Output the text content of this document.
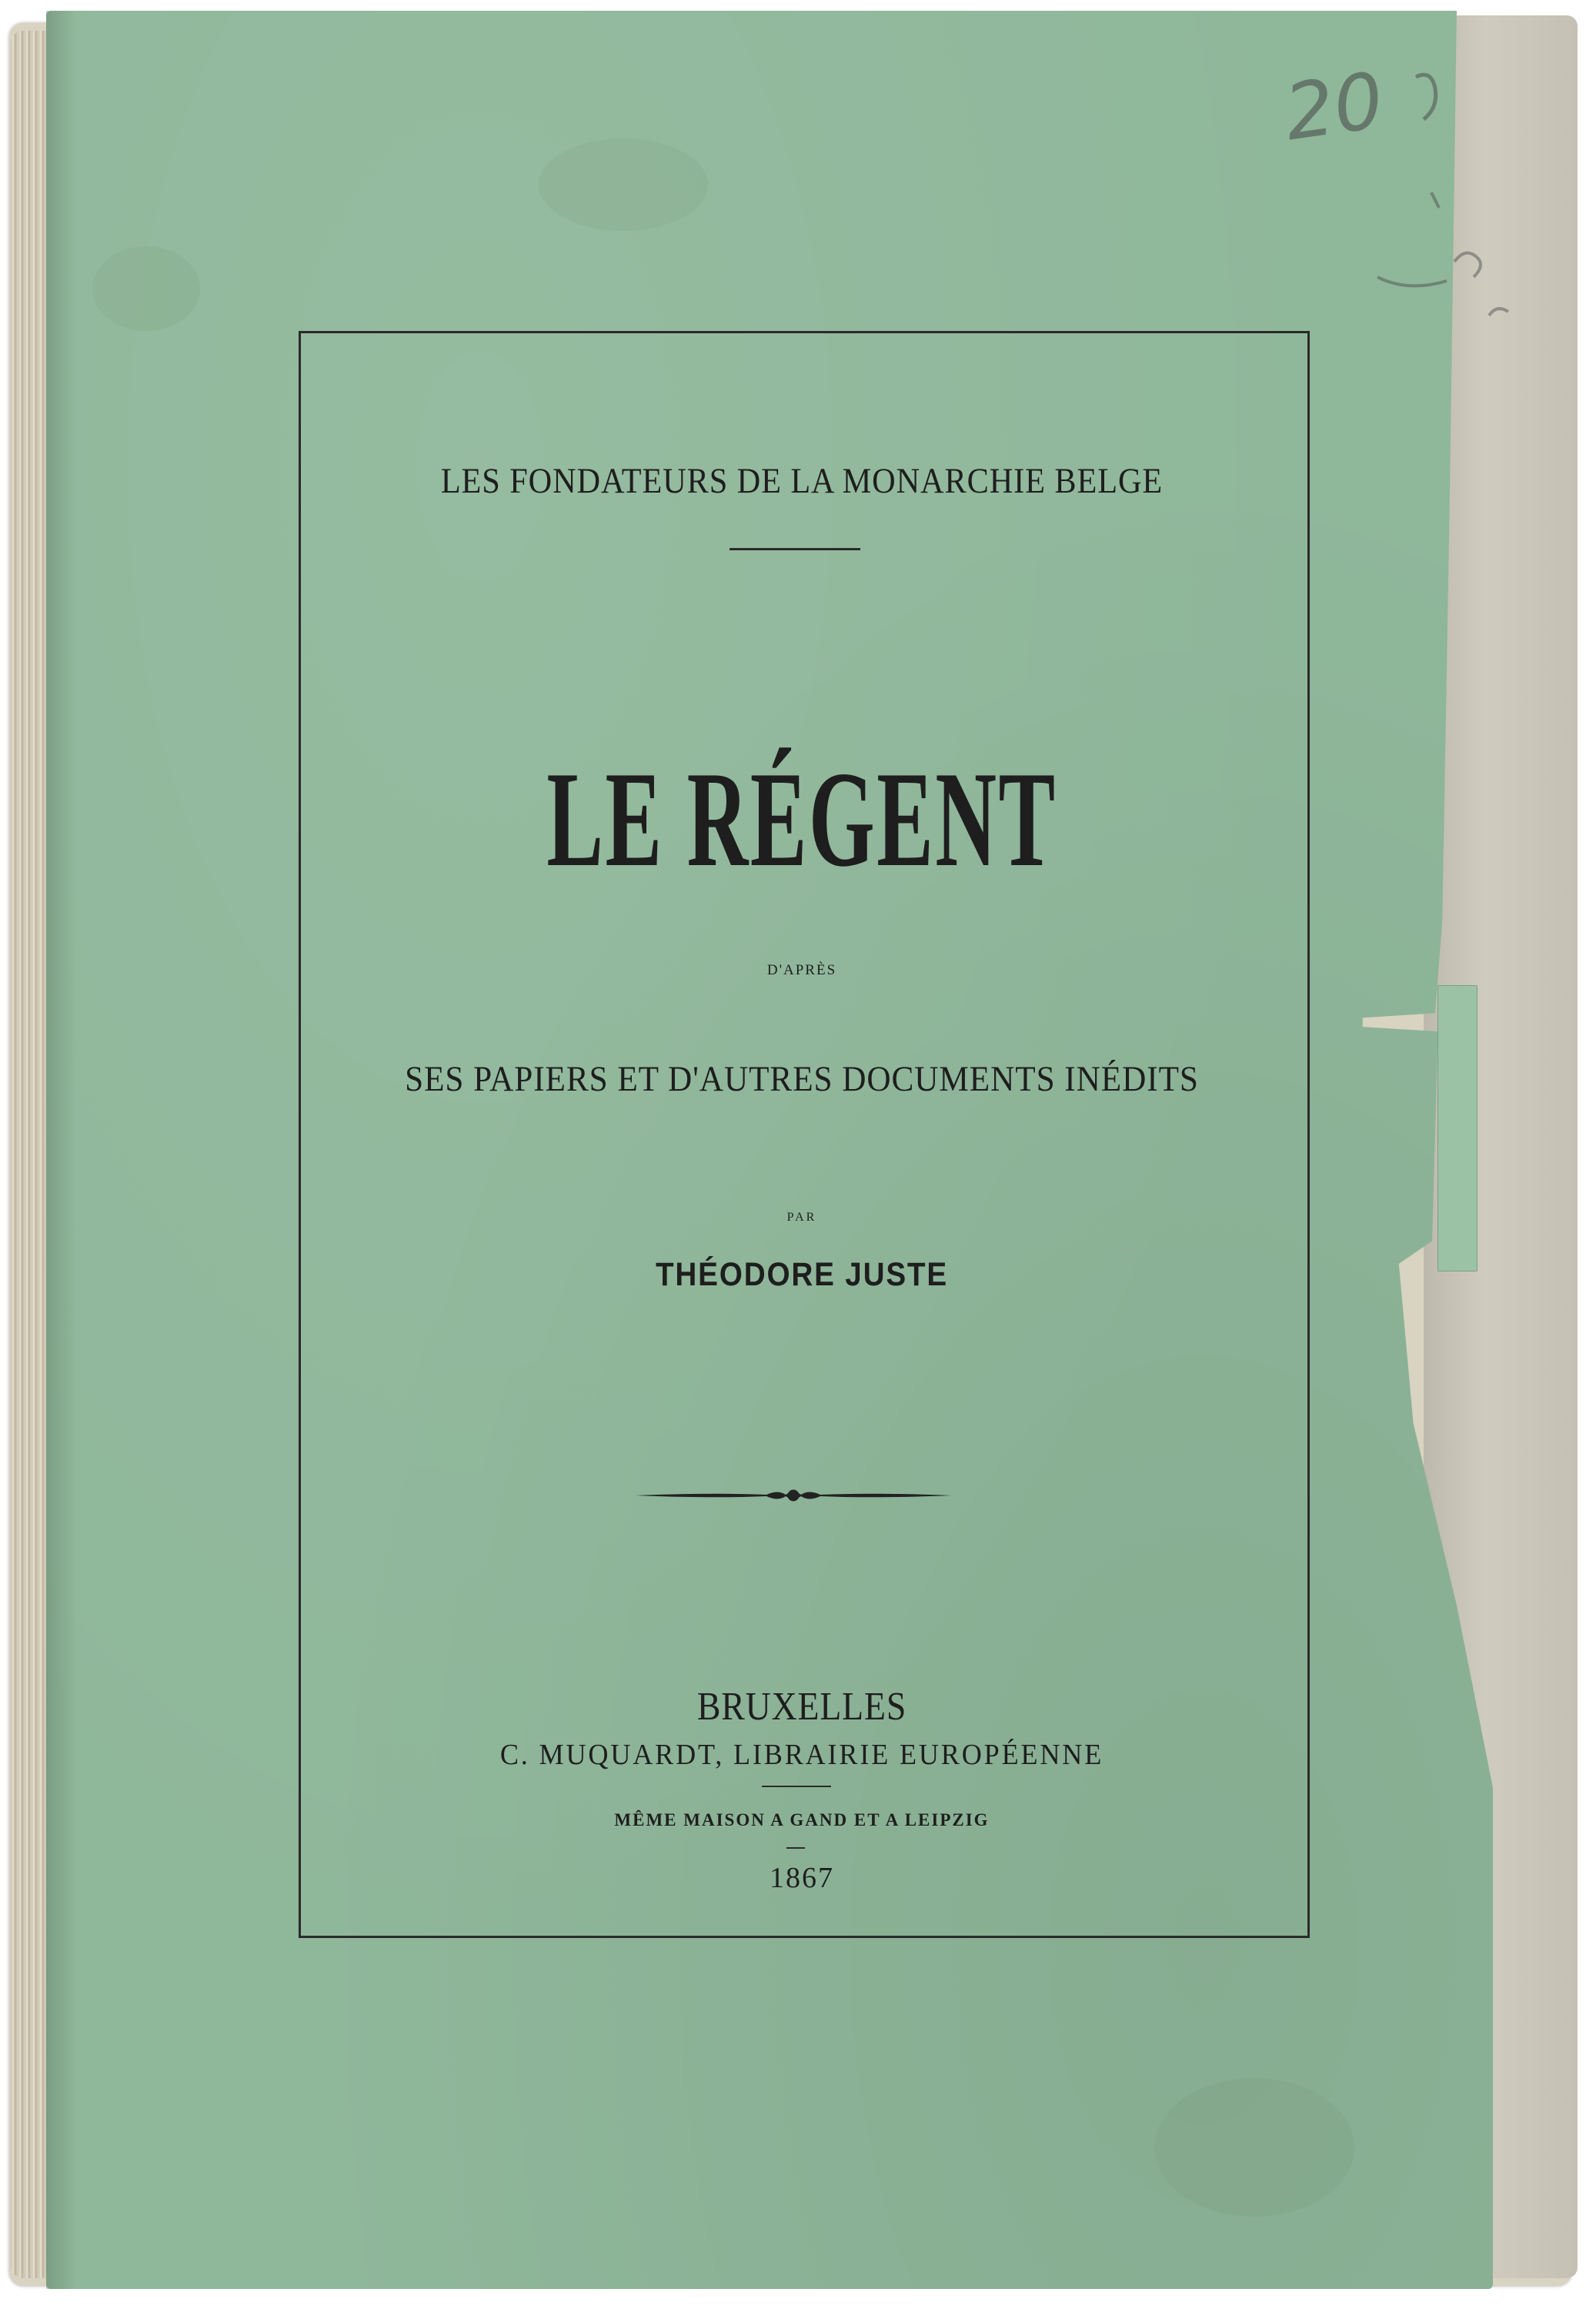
20

LES FONDATEURS DE LA MONARCHIE BELGE

LE RÉGENT

D'APRÈS

SES PAPIERS ET D'AUTRES DOCUMENTS INÉDITS

PAR

THÉODORE JUSTE

BRUXELLES

C. MUQUARDT, LIBRAIRIE EUROPÉENNE

MÊME MAISON A GAND ET A LEIPZIG

1867
